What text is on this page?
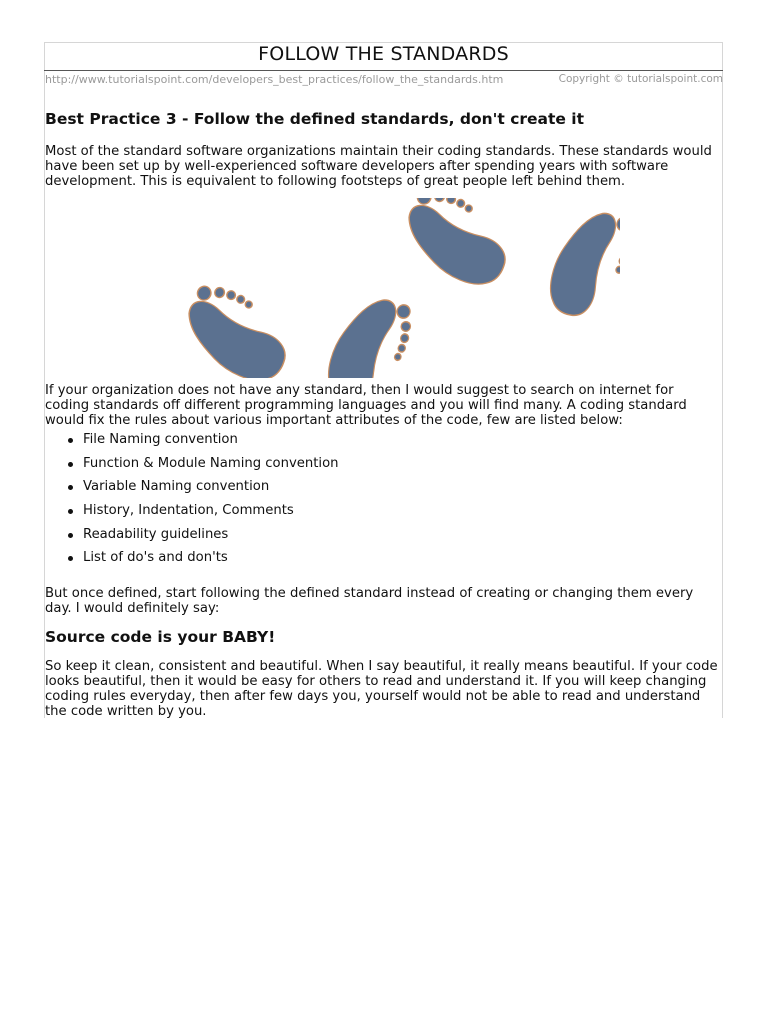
FOLLOW THE STANDARDS
http://www.tutorialspoint.com/developers_best_practices/follow_the_standards.htm	Copyright © tutorialspoint.com
Best Practice 3 - Follow the defined standards, don't create it

Most of the standard software organizations maintain their coding standards. These standards would have been set up by well-experienced software developers after spending years with software development. This is equivalent to following footsteps of great people left behind them.

If your organization does not have any standard, then I would suggest to search on internet for coding standards off different programming languages and you will find many. A coding standard would fix the rules about various important attributes of the code, few are listed below:

File Naming convention
Function & Module Naming convention
Variable Naming convention
History, Indentation, Comments
Readability guidelines
List of do's and don'ts

But once defined, start following the defined standard instead of creating or changing them every day. I would definitely say:

Source code is your BABY!

So keep it clean, consistent and beautiful. When I say beautiful, it really means beautiful. If your code looks beautiful, then it would be easy for others to read and understand it. If you will keep changing coding rules everyday, then after few days you, yourself would not be able to read and understand the code written by you.
